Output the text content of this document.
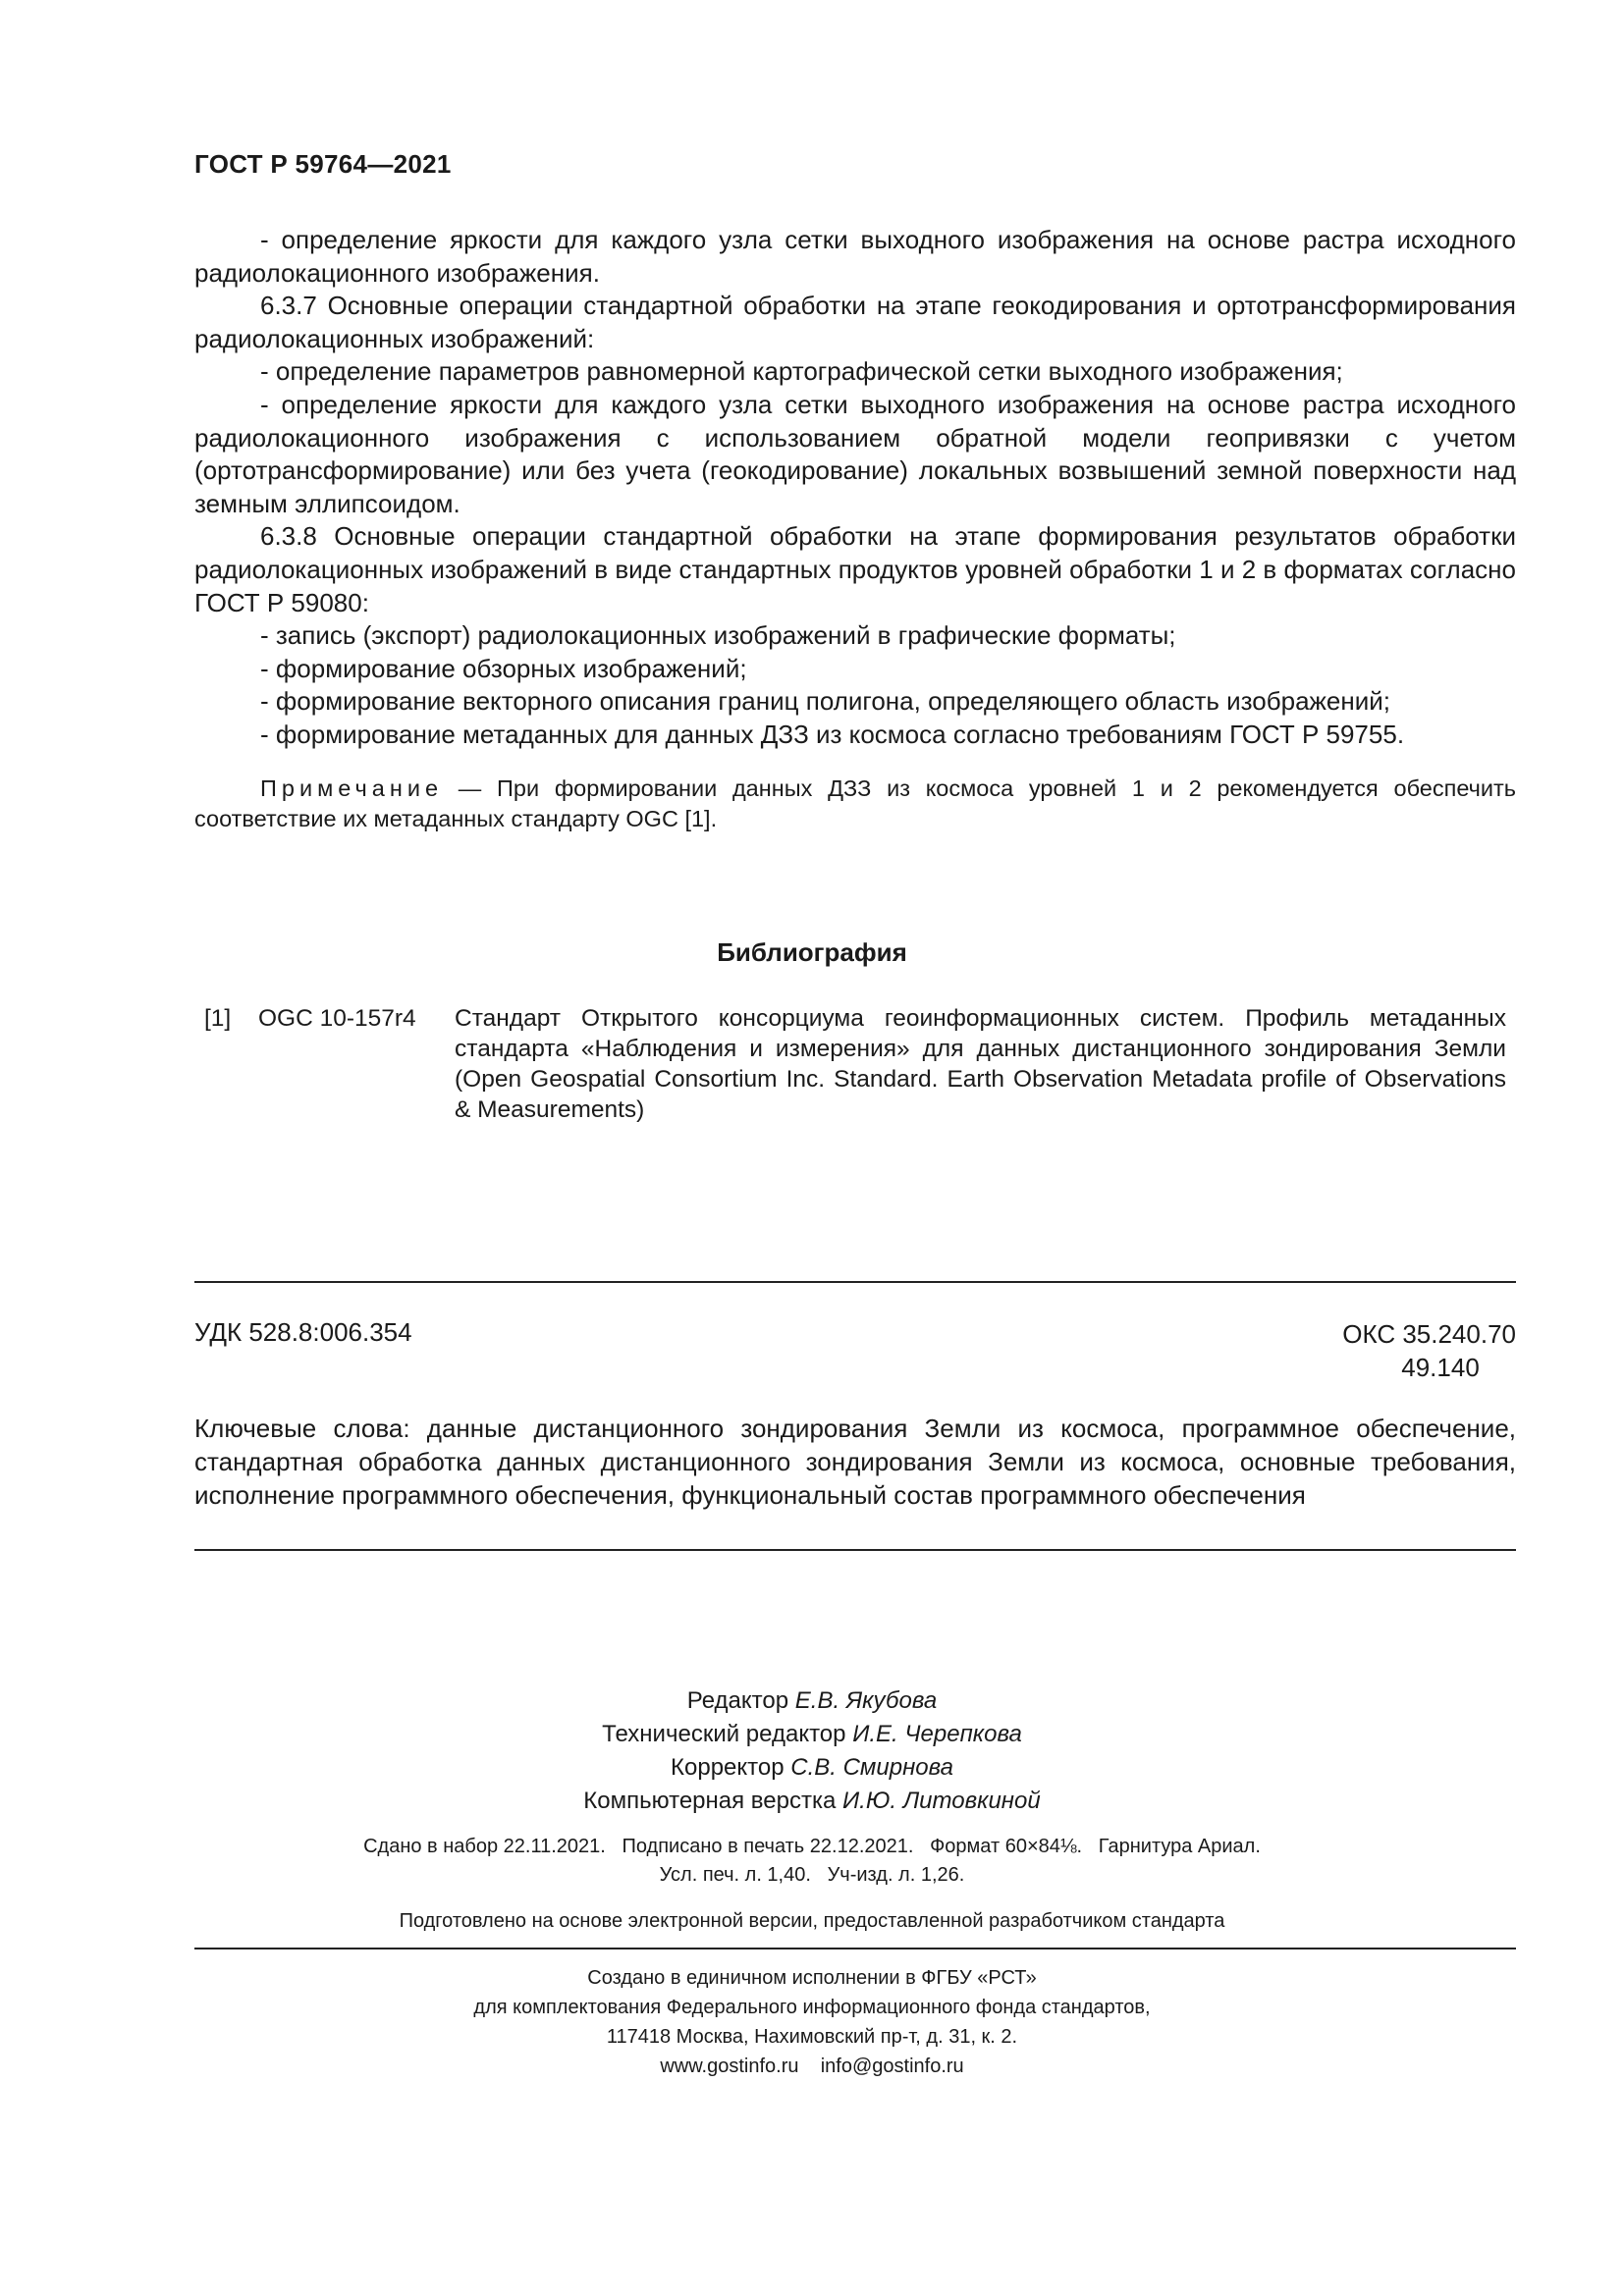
ГОСТ Р 59764—2021

- определение яркости для каждого узла сетки выходного изображения на основе растра исходного радиолокационного изображения.

6.3.7 Основные операции стандартной обработки на этапе геокодирования и ортотрансформирования радиолокационных изображений:

- определение параметров равномерной картографической сетки выходного изображения;

- определение яркости для каждого узла сетки выходного изображения на основе растра исходного радиолокационного изображения с использованием обратной модели геопривязки с учетом (ортотрансформирование) или без учета (геокодирование) локальных возвышений земной поверхности над земным эллипсоидом.

6.3.8 Основные операции стандартной обработки на этапе формирования результатов обработки радиолокационных изображений в виде стандартных продуктов уровней обработки 1 и 2 в форматах согласно ГОСТ Р 59080:

- запись (экспорт) радиолокационных изображений в графические форматы;

- формирование обзорных изображений;

- формирование векторного описания границ полигона, определяющего область изображений;

- формирование метаданных для данных ДЗЗ из космоса согласно требованиям ГОСТ Р 59755.

Примечание — При формировании данных ДЗЗ из космоса уровней 1 и 2 рекомендуется обеспечить соответствие их метаданных стандарту OGC [1].

Библиография
[1] OGC 10-157r4 Стандарт Открытого консорциума геоинформационных систем. Профиль метаданных стандарта «Наблюдения и измерения» для данных дистанционного зондирования Земли (Open Geospatial Consortium Inc. Standard. Earth Observation Metadata profile of Observations & Measurements)
УДК 528.8:006.354	ОКС 35.240.70
49.140
Ключевые слова: данные дистанционного зондирования Земли из космоса, программное обеспечение, стандартная обработка данных дистанционного зондирования Земли из космоса, основные требования, исполнение программного обеспечения, функциональный состав программного обеспечения
Редактор Е.В. Якубова
Технический редактор И.Е. Черепкова
Корректор С.В. Смирнова
Компьютерная верстка И.Ю. Литовкиной
Сдано в набор 22.11.2021.   Подписано в печать 22.12.2021.   Формат 60×84⅛.   Гарнитура Ариал.
Усл. печ. л. 1,40.   Уч-изд. л. 1,26.
Подготовлено на основе электронной версии, предоставленной разработчиком стандарта
Создано в единичном исполнении в ФГБУ «РСТ»
для комплектования Федерального информационного фонда стандартов,
117418 Москва, Нахимовский пр-т, д. 31, к. 2.
www.gostinfo.ru    info@gostinfo.ru
